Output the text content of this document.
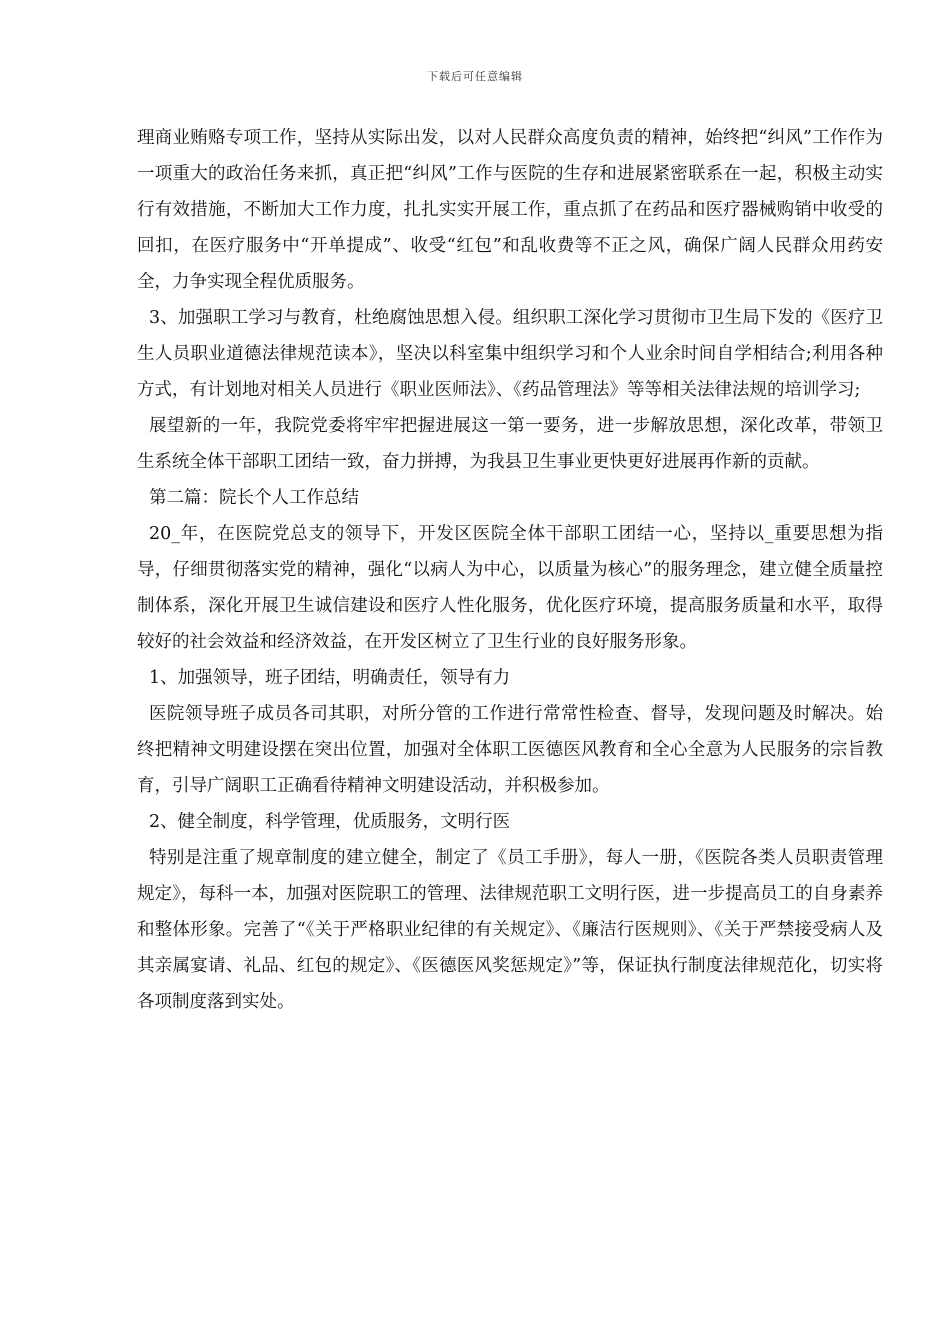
下载后可任意编辑

理商业贿赂专项工作，坚持从实际出发，以对人民群众高度负责的精神，始终把“纠风”工作作为一项重大的政治任务来抓，真正把“纠风”工作与医院的生存和进展紧密联系在一起，积极主动实行有效措施，不断加大工作力度，扎扎实实开展工作，重点抓了在药品和医疗器械购销中收受的回扣，在医疗服务中“开单提成”、收受“红包”和乱收费等不正之风，确保广阔人民群众用药安全，力争实现全程优质服务。

3、加强职工学习与教育，杜绝腐蚀思想入侵。组织职工深化学习贯彻市卫生局下发的《医疗卫生人员职业道德法律规范读本》，坚决以科室集中组织学习和个人业余时间自学相结合;利用各种方式，有计划地对相关人员进行《职业医师法》、《药品管理法》等等相关法律法规的培训学习;

展望新的一年，我院党委将牢牢把握进展这一第一要务，进一步解放思想，深化改革，带领卫生系统全体干部职工团结一致，奋力拼搏，为我县卫生事业更快更好进展再作新的贡献。

第二篇：院长个人工作总结

20_年，在医院党总支的领导下，开发区医院全体干部职工团结一心，坚持以_重要思想为指导，仔细贯彻落实党的精神，强化“以病人为中心，以质量为核心”的服务理念，建立健全质量控制体系，深化开展卫生诚信建设和医疗人性化服务，优化医疗环境，提高服务质量和水平，取得较好的社会效益和经济效益，在开发区树立了卫生行业的良好服务形象。

1、加强领导，班子团结，明确责任，领导有力

医院领导班子成员各司其职，对所分管的工作进行常常性检查、督导，发现问题及时解决。始终把精神文明建设摆在突出位置，加强对全体职工医德医风教育和全心全意为人民服务的宗旨教育，引导广阔职工正确看待精神文明建设活动，并积极参加。

2、健全制度，科学管理，优质服务，文明行医

特别是注重了规章制度的建立健全，制定了《员工手册》，每人一册，《医院各类人员职责管理规定》，每科一本，加强对医院职工的管理、法律规范职工文明行医，进一步提高员工的自身素养和整体形象。完善了“《关于严格职业纪律的有关规定》、《廉洁行医规则》、《关于严禁接受病人及其亲属宴请、礼品、红包的规定》、《医德医风奖惩规定》”等，保证执行制度法律规范化，切实将各项制度落到实处。
